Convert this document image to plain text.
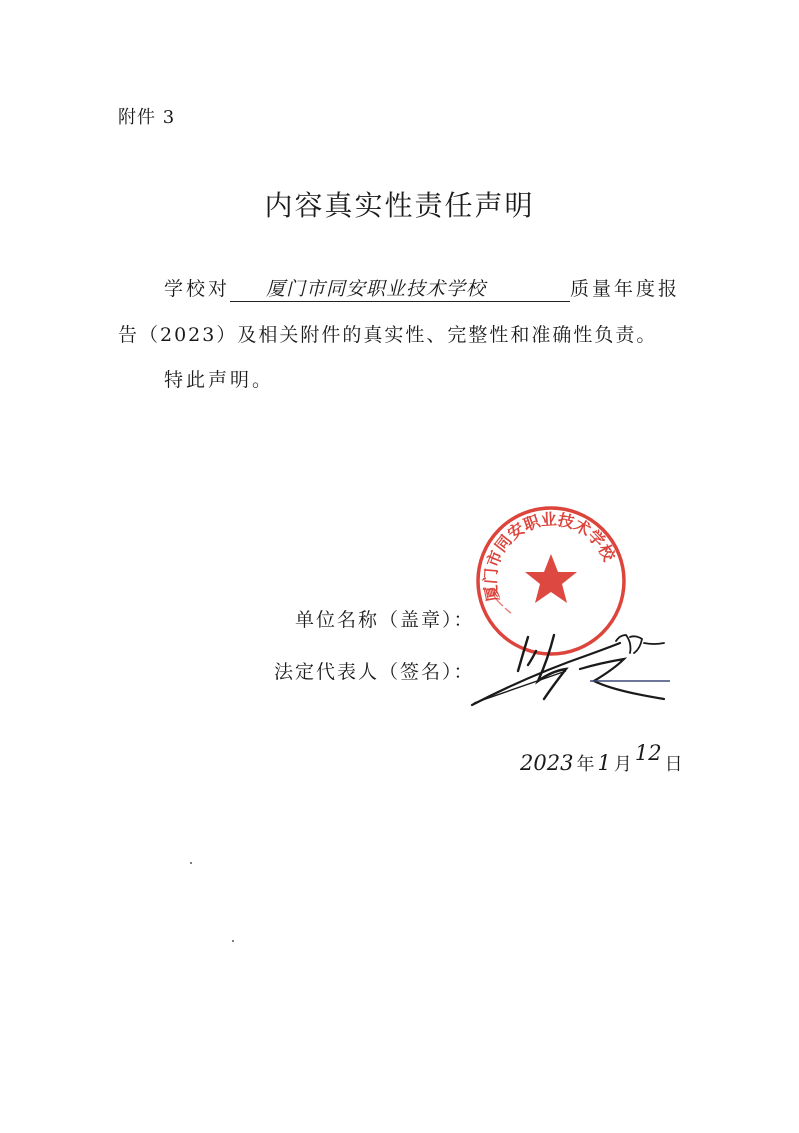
附件 3
内容真实性责任声明
学校对 厦门市同安职业技术学校	质量年度报
告（2023）及相关附件的真实性、完整性和准确性负责。
特此声明。
厦门市同安职业技术学校
单位名称（盖章）：
法定代表人（签名）：
2023 年 1 月 12 日
